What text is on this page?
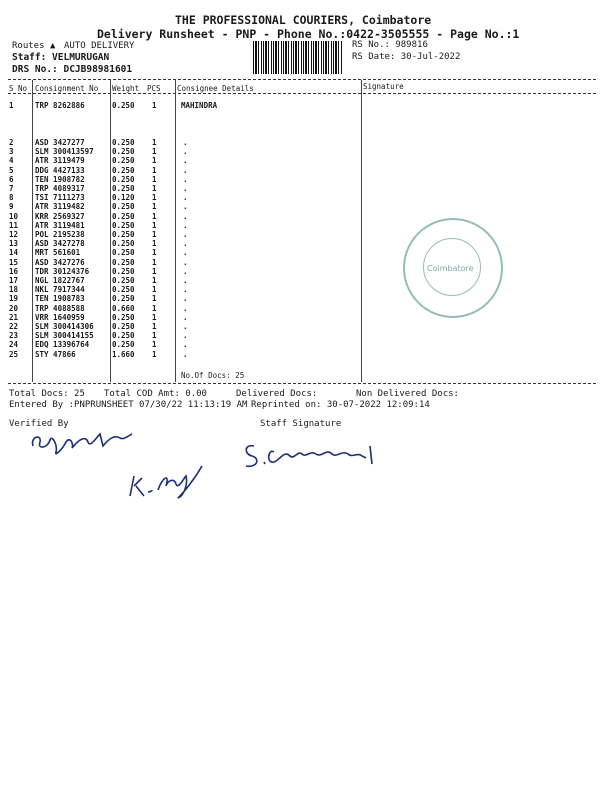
THE PROFESSIONAL COURIERS, Coimbatore
Delivery Runsheet - PNP - Phone No.:0422-3505555 - Page No.:1
Routes ▲ AUTO DELIVERY
Staff: VELMURUGAN
DRS No.: DCJB98981601
RS No.: 989816
RS Date: 30-Jul-2022
S No Consignment No Weight PCS Consignee Details	Signature
1	TRP 8262886	0.250 1	MAHINDRA
2	ASD 3427277	0.250 1	.
3	SLM 300413597 0.250 1	.
4	ATR 3119479	0.250 1	.
5	DDG 4427133	0.250 1	.
6	TEN 1908782	0.250 1	.
7	TRP 4089317	0.250 1	.
8	TSI 7111273	0.120 1	.
9	ATR 3119482	0.250 1	.
10 KRR 2569327	0.250 1	.
11 ATR 3119481	0.250 1	.
12 POL 2195238	0.250 1	.
13 ASD 3427278	0.250 1	.
14 MRT 561601	0.250 1	.
15 ASD 3427276	0.250 1	.
16 TDR 30124376	0.250 1	.
17 NGL 1822767	0.250 1	.
18 NKL 7917344	0.250 1	.
19 TEN 1908783	0.250 1	.
20 TRP 4088588	0.660 1	.
21 VRR 1640959	0.250 1	.
22 SLM 300414306 0.250 1	.
23 SLM 300414155 0.250 1	.
24 EDQ 13396764	0.250 1	.
25 STY 47866	1.660 1	.
No.Of Docs: 25
Coimbatore
Total Docs: 25 Total COD Amt: 0.00	Delivered Docs:	Non Delivered Docs:
Entered By :PNPRUNSHEET 07/30/22 11:13:19 AM Reprinted on: 30-07-2022 12:09:14
Verified By	Staff Signature
